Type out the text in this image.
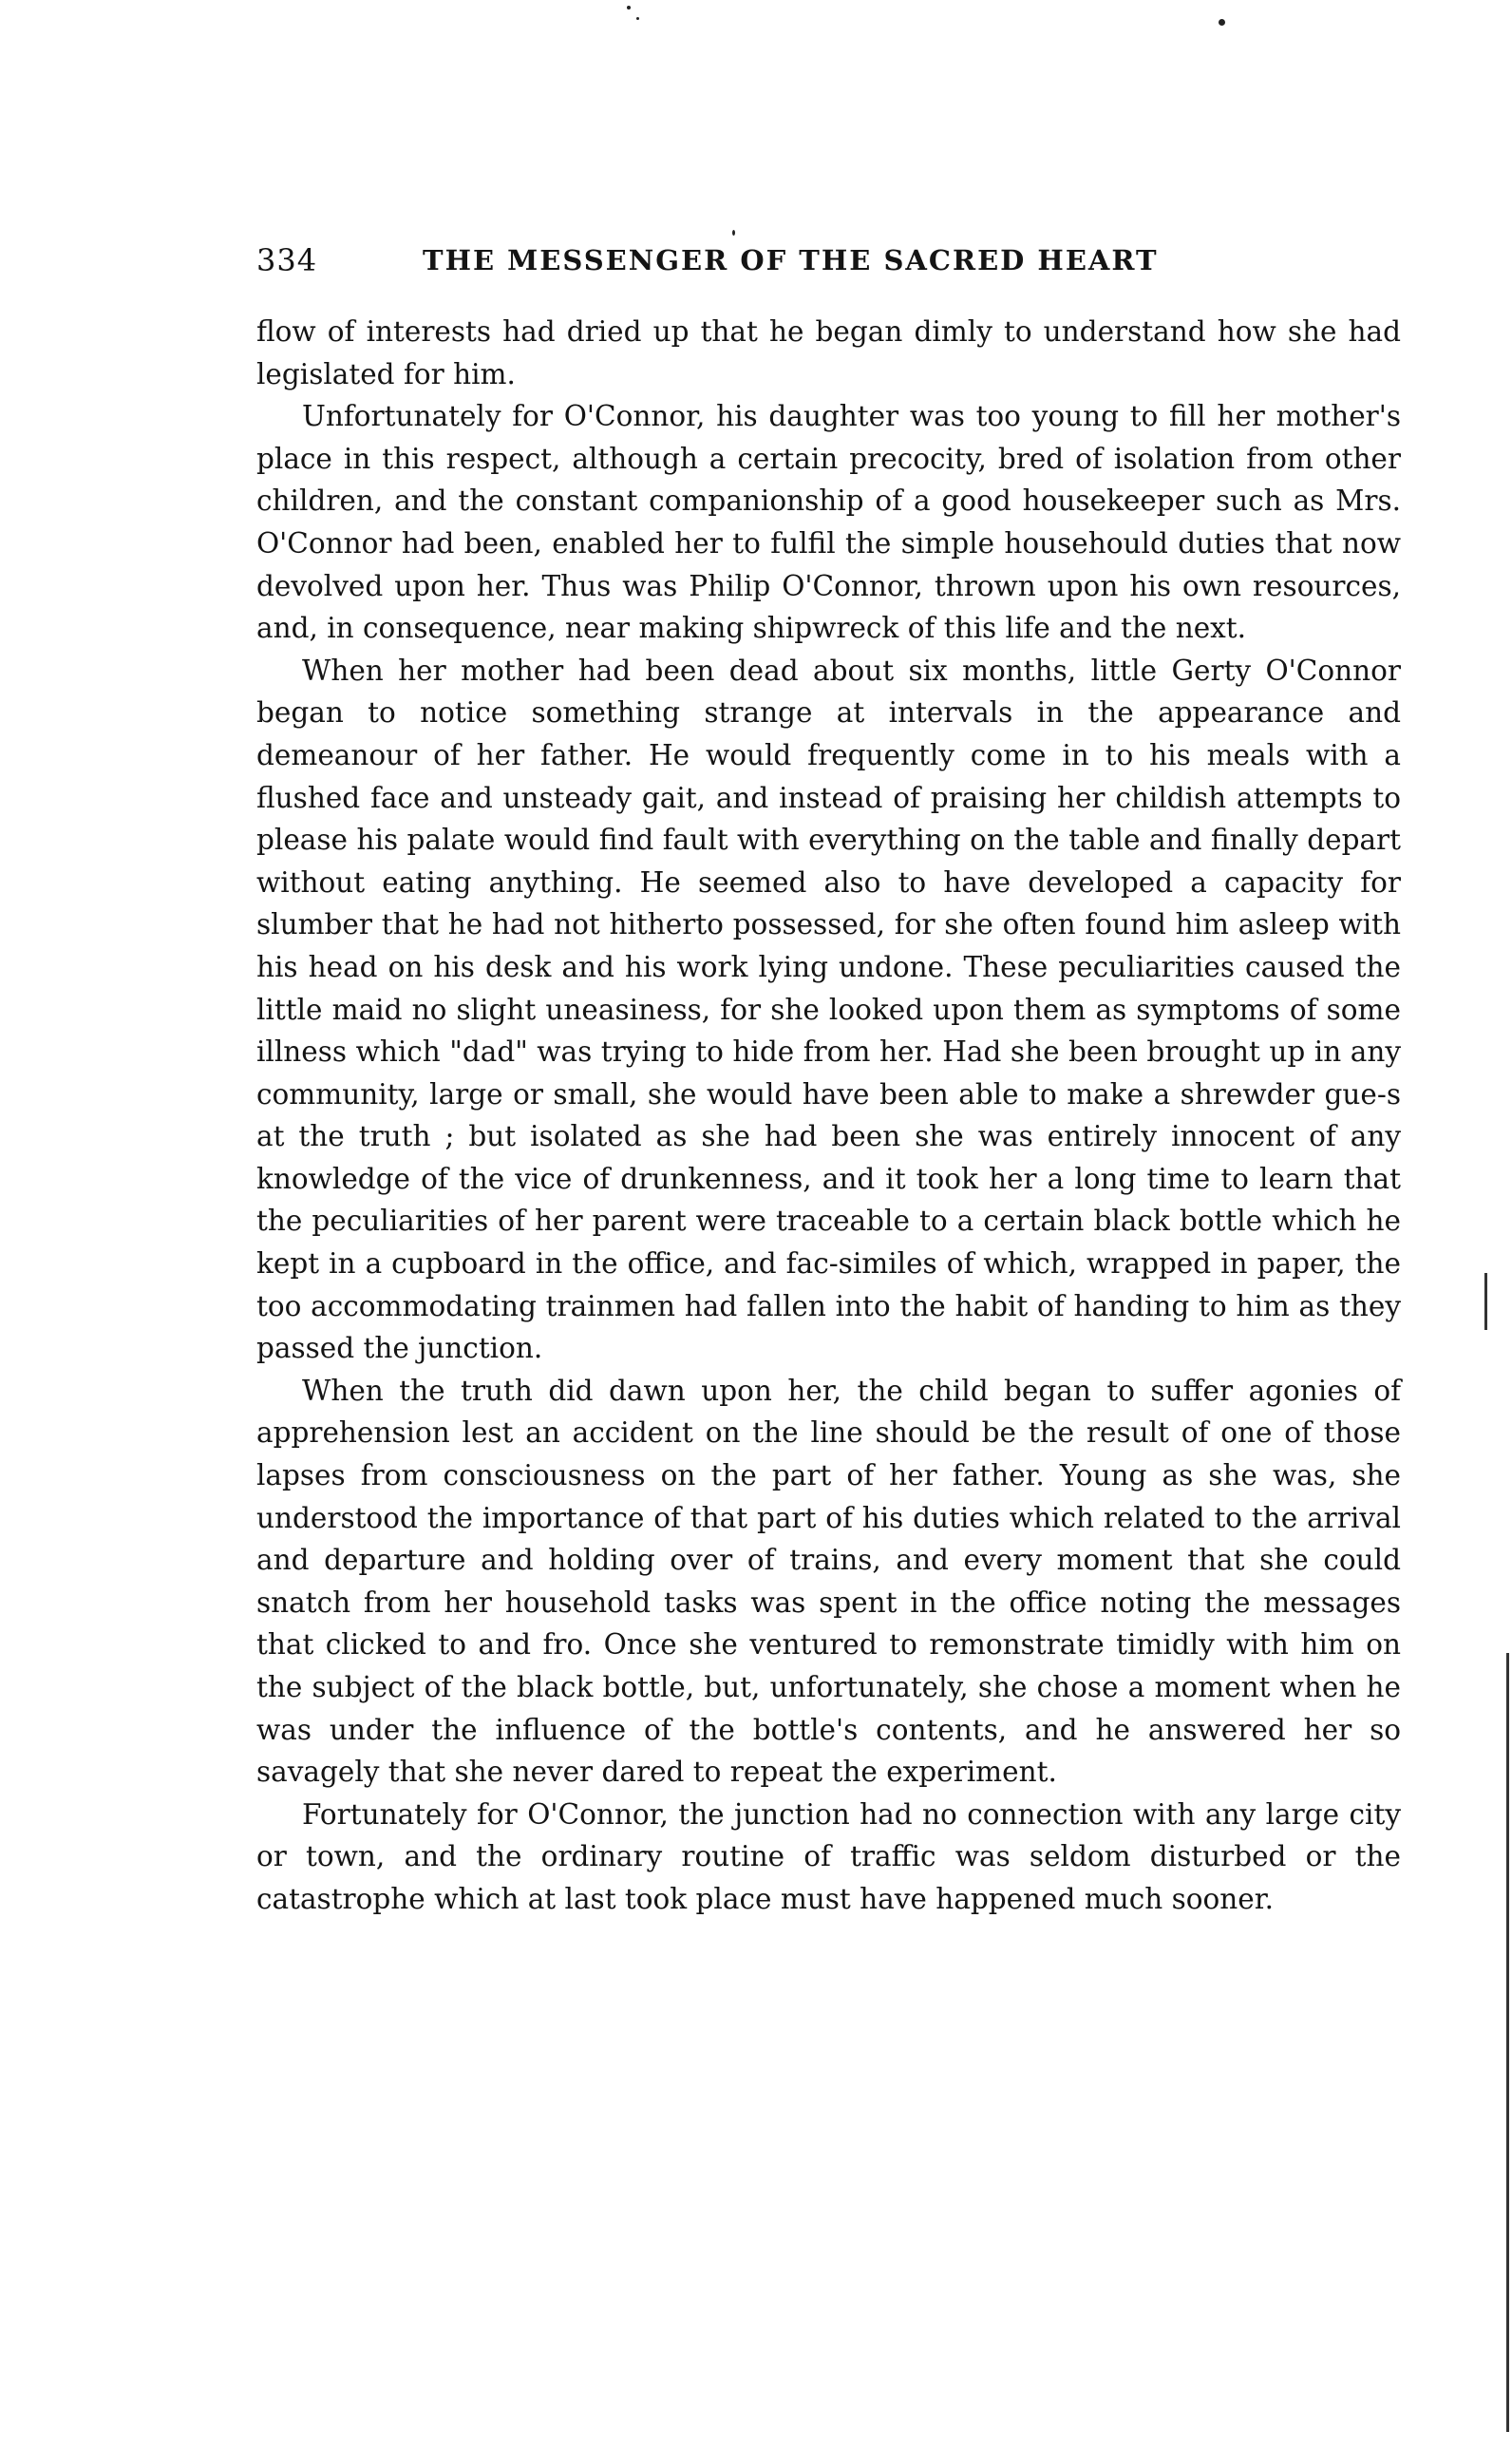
334	THE MESSENGER OF THE SACRED HEART

flow of interests had dried up that he began dimly to understand how she had legislated for him.

Unfortunately for O'Connor, his daughter was too young to fill her mother's place in this respect, although a certain precocity, bred of isolation from other children, and the constant companionship of a good housekeeper such as Mrs. O'Connor had been, enabled her to fulfil the simple househould duties that now devolved upon her. Thus was Philip O'Connor, thrown upon his own resources, and, in consequence, near making shipwreck of this life and the next.

When her mother had been dead about six months, little Gerty O'Connor began to notice something strange at intervals in the appearance and demeanour of her father. He would frequently come in to his meals with a flushed face and unsteady gait, and instead of praising her childish attempts to please his palate would find fault with everything on the table and finally depart without eating anything. He seemed also to have developed a capacity for slumber that he had not hitherto possessed, for she often found him asleep with his head on his desk and his work lying undone. These peculiarities caused the little maid no slight uneasiness, for she looked upon them as symptoms of some illness which "dad" was trying to hide from her. Had she been brought up in any community, large or small, she would have been able to make a shrewder gue-s at the truth ; but isolated as she had been she was entirely innocent of any knowledge of the vice of drunkenness, and it took her a long time to learn that the peculiarities of her parent were traceable to a certain black bottle which he kept in a cupboard in the office, and fac-similes of which, wrapped in paper, the too accommodating trainmen had fallen into the habit of handing to him as they passed the junction.

When the truth did dawn upon her, the child began to suffer agonies of apprehension lest an accident on the line should be the result of one of those lapses from consciousness on the part of her father. Young as she was, she understood the importance of that part of his duties which related to the arrival and departure and holding over of trains, and every moment that she could snatch from her household tasks was spent in the office noting the messages that clicked to and fro. Once she ventured to remonstrate timidly with him on the subject of the black bottle, but, unfortunately, she chose a moment when he was under the influence of the bottle's contents, and he answered her so savagely that she never dared to repeat the experiment.

Fortunately for O'Connor, the junction had no connection with any large city or town, and the ordinary routine of traffic was seldom disturbed or the catastrophe which at last took place must have happened much sooner.
